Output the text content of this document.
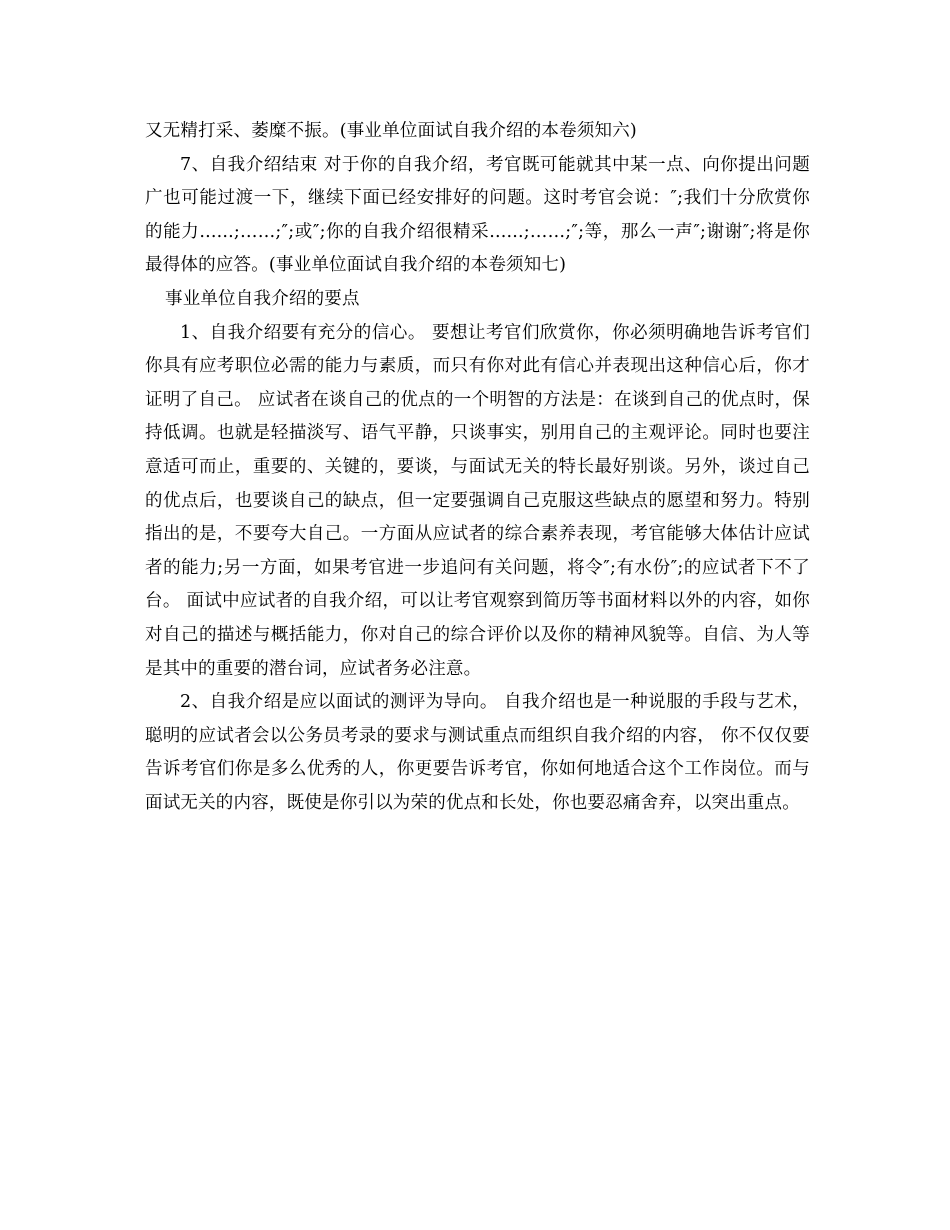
又无精打采、萎糜不振。(事业单位面试自我介绍的本卷须知六)

7、自我介绍结束 对于你的自我介绍，考官既可能就其中某一点、向你提出问题广也可能过渡一下，继续下面已经安排好的问题。这时考官会说：″;我们十分欣赏你的能力......;……;″;或″;你的自我介绍很精采......;……;″;等，那么一声″;谢谢″;将是你最得体的应答。(事业单位面试自我介绍的本卷须知七)

事业单位自我介绍的要点

1、自我介绍要有充分的信心。 要想让考官们欣赏你，你必须明确地告诉考官们你具有应考职位必需的能力与素质，而只有你对此有信心并表现出这种信心后，你才证明了自己。 应试者在谈自己的优点的一个明智的方法是：在谈到自己的优点时，保持低调。也就是轻描淡写、语气平静，只谈事实，别用自己的主观评论。同时也要注意适可而止，重要的、关键的，要谈，与面试无关的特长最好别谈。另外，谈过自己的优点后，也要谈自己的缺点，但一定要强调自己克服这些缺点的愿望和努力。特别指出的是，不要夸大自己。一方面从应试者的综合素养表现，考官能够大体估计应试者的能力;另一方面，如果考官进一步追问有关问题，将令″;有水份″;的应试者下不了台。 面试中应试者的自我介绍，可以让考官观察到简历等书面材料以外的内容，如你对自己的描述与概括能力，你对自己的综合评价以及你的精神风貌等。自信、为人等是其中的重要的潜台词，应试者务必注意。

2、自我介绍是应以面试的测评为导向。 自我介绍也是一种说服的手段与艺术，聪明的应试者会以公务员考录的要求与测试重点而组织自我介绍的内容， 你不仅仅要告诉考官们你是多么优秀的人，你更要告诉考官，你如何地适合这个工作岗位。而与面试无关的内容，既使是你引以为荣的优点和长处，你也要忍痛舍弃，以突出重点。
